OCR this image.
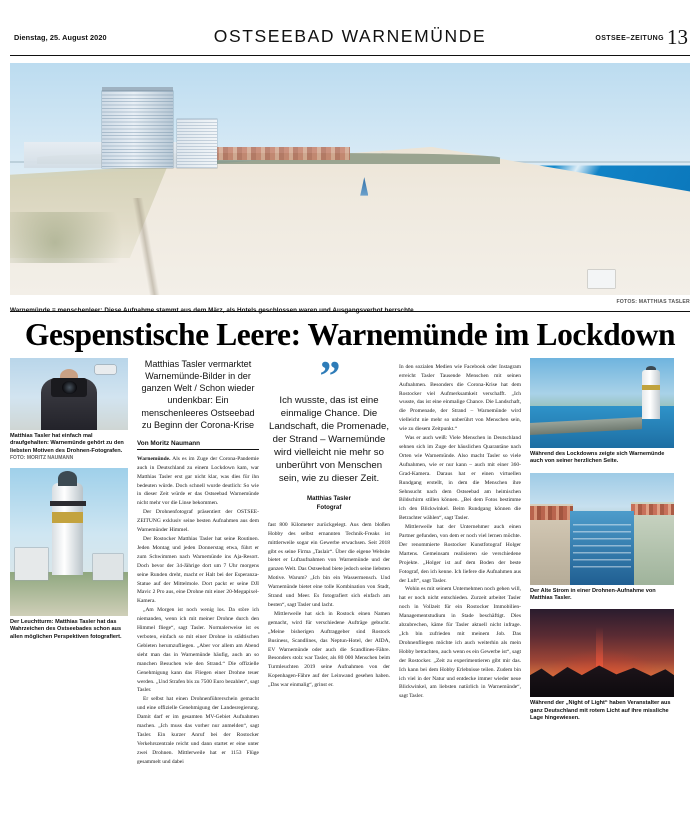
Dienstag, 25. August 2020	OSTSEEBAD WARNEMÜNDE	OSTSEE–ZEITUNG 13
Warnemünde = menschenleer: Diese Aufnahme stammt aus dem März, als Hotels geschlossen waren und Ausgangsverbot herrschte.
FOTOS: MATTHIAS TASLER
Gespenstische Leere: Warnemünde im Lockdown
Matthias Tasler hat einfach mal draufgehalten: Warnemünde gehört zu den liebsten Motiven des Drohnen-Fotografen.
FOTO: MORITZ NAUMANN
Der Leuchtturm: Matthias Tasler hat das Wahrzeichen des Ostseebades schon aus allen möglichen Perspektiven fotografiert.
Matthias Tasler vermarktet Warnemünde-Bilder in der ganzen Welt / Schon wieder undenkbar: Ein menschenleeres Ostseebad zu Beginn der Corona-Krise
Von Moritz Naumann

Warnemünde. Als es im Zuge der Corona-Pandemie auch in Deutschland zu einem Lockdown kam, war Matthias Tasler erst gar nicht klar, was dies für ihn bedeuten würde. Doch schnell wurde deutlich: So wie in dieser Zeit würde er das Ostseebad Warnemünde nicht mehr vor die Linse bekommen.

Der Drohnenfotograf präsentiert der OSTSEE-ZEITUNG exklusiv seine besten Aufnahmen aus dem Warnemünder Himmel.

Der Rostocker Matthias Tasler hat seine Routinen. Jeden Montag und jeden Donnerstag etwa, führt er zum Schwimmen nach Warnemünde ins Aja-Resort. Doch bevor der 34-Jährige dort um 7 Uhr morgens seine Runden dreht, macht er Halt bei der Esperanza-Statue auf der Mittelmole. Dort packt er seine DJI Mavic 2 Pro aus, eine Drohne mit einer 20-Megapixel-Kamera.

„Am Morgen ist noch wenig los. Da störe ich niemanden, wenn ich mit meiner Drohne durch den Himmel fliege“, sagt Tasler. Normalerweise ist es verboten, einfach so mit einer Drohne in städtischen Gebieten herumzufliegen. „Aber vor allem am Abend sieht man das in Warnemünde häufig, auch an so manchen Besuchen wie den Strand.“ Die offizielle Genehmigung kann das Fliegen einer Drohne teuer werden. „Und Strafen bis zu 7500 Euro bezahlen“, sagt Tasler.

Er selbst hat einen Drohnenführerschein gemacht und eine offizielle Genehmigung der Landesregierung. Damit darf er im gesamten MV-Gebiet Aufnahmen machen. „Ich muss das vorher nur anmelden“, sagt Tasler. Ein kurzer Anruf bei der Rostocker Verkehrszentrale reicht und dann startet er eine unter zwei Drohnen. Mittlerweile hat er 1153 Flüge gesammelt und dabei

”
Ich wusste, das ist eine einmalige Chance. Die Landschaft, die Promenade, der Strand – Warnemünde wird vielleicht nie mehr so unberührt von Menschen sein, wie zu dieser Zeit.
Matthias Tasler
Fotograf

fast 800 Kilometer zurückgelegt. Aus dem bloßen Hobby des selbst ernannten Technik-Freaks ist mittlerweile sogar ein Gewerbe erwachsen. Seit 2018 gibt es seine Firma „Taslair“. Über die eigene Website bietet er Luftaufnahmen von Warnemünde und der ganzen Welt. Das Ostseebad biete jedoch seine liebsten Motive. Warum? „Ich bin ein Wassermensch. Und Warnemünde bietet eine tolle Kombination von Stadt, Strand und Meer. Es fotografiert sich einfach am besten“, sagt Tasler und lacht.

Mittlerweile hat sich in Rostock einen Namen gemacht, wird für verschiedene Aufträge gebucht. „Meine bisherigen Auftraggeber sind Rostock Business, Scandlines, das Neptun-Hotel, der AIDA, EV Warnemünde oder auch die Scandlines-Fähre. Besonders stolz war Tasler, als 80 000 Menschen beim Turmleuchten 2019 seine Aufnahmen von der Kopenhagen-Fähre auf der Leinwand gesehen haben. „Das war einmalig“, grinst er.

In den sozialen Medien wie Facebook oder Instagram erreicht Tasler Tausende Menschen mit seinen Aufnahmen. Besonders die Corona-Krise hat dem Rostocker viel Aufmerksamkeit verschafft. „Ich wusste, das ist eine einmalige Chance. Die Landschaft, die Promenade, der Strand – Warnemünde wird vielleicht nie mehr so unberührt von Menschen sein, wie zu diesem Zeitpunkt.“

Was er auch weiß: Viele Menschen in Deutschland sehnen sich im Zuge der häuslichen Quarantäne nach Orten wie Warnemünde. Also macht Tasler so viele Aufnahmen, wie er nur kann – auch mit einer 360-Grad-Kamera. Daraus hat er einen virtuellen Rundgang erstellt, in dem die Menschen ihre Sehnsucht nach dem Ostseebad am heimischen Bildschirm stillen können. „Bei dem Fotos bestimme ich den Blickwinkel. Beim Rundgang können die Betrachter wählen“, sagt Tasler.

Mittlerweile hat der Unternehmer auch einen Partner gefunden, von dem er noch viel lernen möchte. Der renommierte Rostocker Kunstfotograf Holger Martens. Gemeinsam realisieren sie verschiedene Projekte. „Holger ist auf dem Boden der beste Fotograf, den ich kenne. Ich liefere die Aufnahmen aus der Luft“, sagt Tasler.

Wohin es mit seinem Unternehmen noch gehen will, hat er noch nicht entschieden. Zurzeit arbeitet Tasler noch in Vollzeit für ein Rostocker Immobilien-Managementstudium in Stade beschäftigt. Dies abzubrechen, käme für Tasler aktuell nicht infrage. „Ich bin zufrieden mit meinem Job. Das Drohnenfliegen möchte ich auch weiterhin als mein Hobby betrachten, auch wenn es ein Gewerbe ist“, sagt der Rostocker. „Zeit zu experimentieren gibt mir das. Ich kann bei dem Hobby Erlebnisse teilen. Zudem bin ich viel in der Natur und entdecke immer wieder neue Blickwinkel, am liebsten natürlich in Warnemünde“, sagt Tasler.

Während des Lockdowns zeigte sich Warnemünde auch von seiner herzlichen Seite.
Der Alte Strom in einer Drohnen-Aufnahme von Matthias Tasler.
Während der „Night of Light“ haben Veranstalter aus ganz Deutschland mit rotem Licht auf ihre missliche Lage hingewiesen.
